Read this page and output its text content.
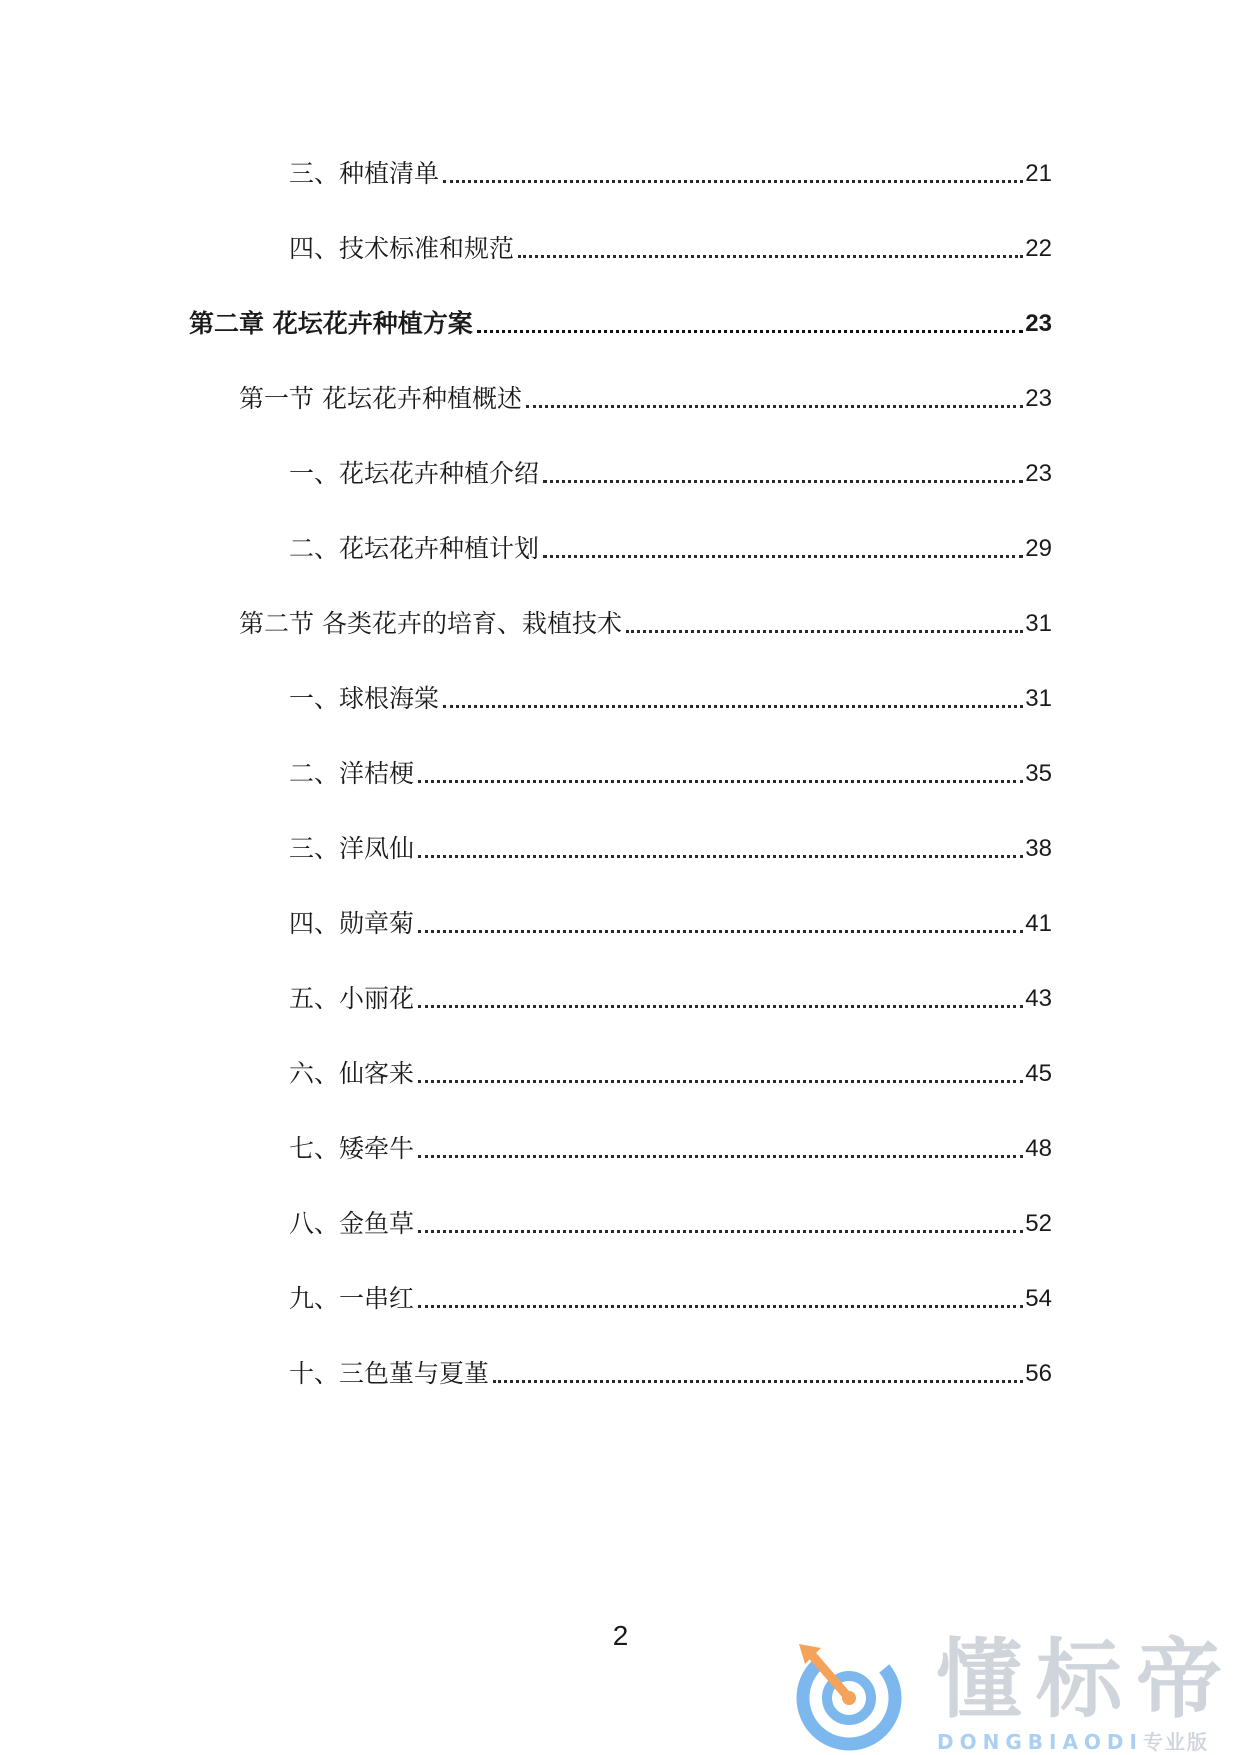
三、种植清单	21
四、技术标准和规范	22
第二章 花坛花卉种植方案	23
第一节 花坛花卉种植概述	23
一、花坛花卉种植介绍	23
二、花坛花卉种植计划	29
第二节 各类花卉的培育、栽植技术	31
一、球根海棠	31
二、洋桔梗	35
三、洋凤仙	38
四、勋章菊	41
五、小丽花	43
六、仙客来	45
七、矮牵牛	48
八、金鱼草	52
九、一串红	54
十、三色堇与夏堇	56
2	懂标帝
DONGBIAODI专业版
